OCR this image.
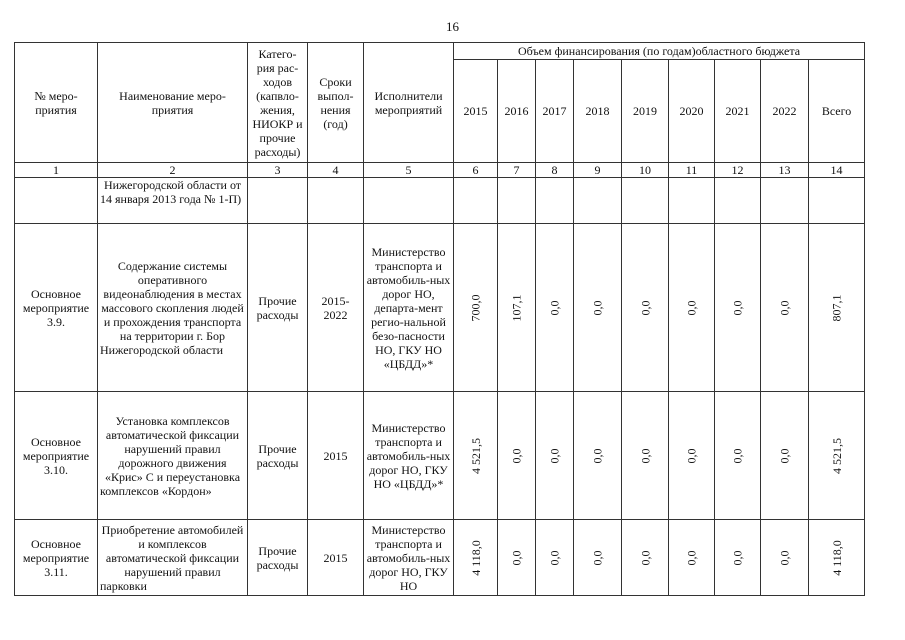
16
№ меро-приятия	Наименование меро-приятия	Катего-рия рас-ходов (капвло-жения, НИОКР и прочие расходы)	Сроки выпол-нения (год)	Исполнители мероприятий	Объем финансирования (по годам)областного бюджета								
					2015	2016	2017	2018	2019	2020	2021	2022	Всего
1	2	3	4	5	6	7	8	9	10	11	12	13	14
	Нижегородской области от 14 января 2013 года № 1-П)												
Основное мероприятие 3.9.	Содержание системы оперативного видеонаблюдения в местах массового скопления людей и прохождения транспорта на территории г. Бор Нижегородской области	Прочие расходы	2015-2022	Министерство транспорта и автомобиль-ных дорог НО, департа-мент регио-нальной безо-пасности НО, ГКУ НО «ЦБДД»*	700,0	107,1	0,0	0,0	0,0	0,0	0,0	0,0	807,1
Основное мероприятие 3.10.	Установка комплексов автоматической фиксации нарушений правил дорожного движения «Крис» С и переустановка комплексов «Кордон»	Прочие расходы	2015	Министерство транспорта и автомобиль-ных дорог НО, ГКУ НО «ЦБДД»*	4 521,5	0,0	0,0	0,0	0,0	0,0	0,0	0,0	4 521,5
Основное мероприятие 3.11.	Приобретение автомобилей и комплексов автоматической фиксации нарушений правил парковки	Прочие расходы	2015	Министерство транспорта и автомобиль-ных дорог НО, ГКУ НО	4 118,0	0,0	0,0	0,0	0,0	0,0	0,0	0,0	4 118,0
